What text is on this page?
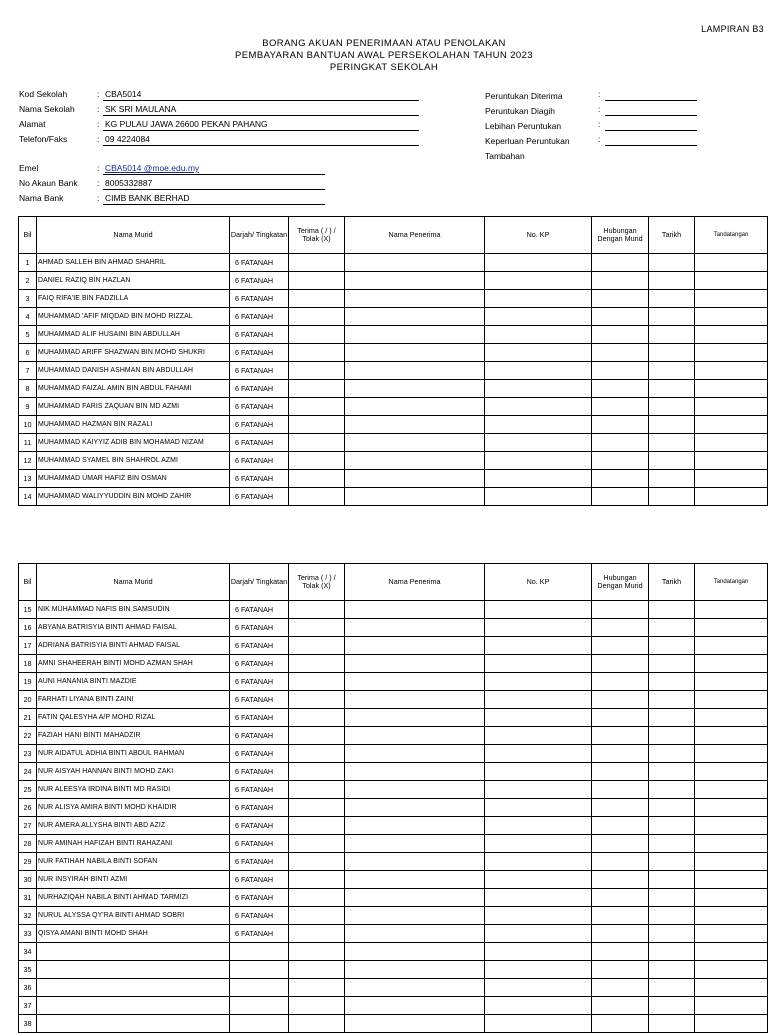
LAMPIRAN B3
BORANG AKUAN PENERIMAAN ATAU PENOLAKAN
PEMBAYARAN BANTUAN AWAL PERSEKOLAHAN TAHUN 2023
PERINGKAT SEKOLAH
Kod Sekolah	: CBA5014
Nama Sekolah	: SK SRI MAULANA
Alamat	: KG PULAU JAWA 26600 PEKAN PAHANG
Telefon/Faks	: 09 4224084
Emel	: CBA5014 @moe.edu.my
No Akaun Bank : 8005332887
Nama Bank	: CIMB BANK BERHAD
Peruntukan Diterima	:
Peruntukan Diagih	:
Lebihan Peruntukan	:
Keperluan Peruntukan	:
Tambahan
Bil	Nama Murid	Darjah/ Tingkatan	Terima ( / ) / Tolak (X)	Nama Penerima	No. KP	Hubungan Dengan Murid	Tarikh	Tandatangan
1	AHMAD SALLEH BIN AHMAD SHAHRIL	6 FATANAH						
2	DANIEL RAZIQ BIN HAZLAN	6 FATANAH						
3	FAIQ RIFA'IE BIN FADZILLA	6 FATANAH						
4	MUHAMMAD 'AFIF MIQDAD BIN MOHD RIZZAL	6 FATANAH						
5	MUHAMMAD ALIF HUSAINI BIN ABDULLAH	6 FATANAH						
6	MUHAMMAD ARIFF SHAZWAN BIN MOHD SHUKRI	6 FATANAH						
7	MUHAMMAD DANISH ASHMAN BIN ABDULLAH	6 FATANAH						
8	MUHAMMAD FAIZAL AMIN BIN ABDUL FAHAMI	6 FATANAH						
9	MUHAMMAD FARIS ZAQUAN BIN MD AZMI	6 FATANAH						
10	MUHAMMAD HAZMAN BIN RAZALI	6 FATANAH						
11	MUHAMMAD KAIYYIZ ADIB BIN MOHAMAD NIZAM	6 FATANAH						
12	MUHAMMAD SYAMEL BIN SHAHROL AZMI	6 FATANAH						
13	MUHAMMAD UMAR HAFIZ BIN OSMAN	6 FATANAH						
14	MUHAMMAD WALIYYUDDIN BIN MOHD ZAHIR	6 FATANAH						
Bil	Nama Murid	Darjah/ Tingkatan	Terima ( / ) / Tolak (X)	Nama Penerima	No. KP	Hubungan Dengan Murid	Tarikh	Tandatangan
15	NIK MUHAMMAD NAFIS BIN SAMSUDIN	6 FATANAH						
16	ABYANA BATRISYIA BINTI AHMAD FAISAL	6 FATANAH						
17	ADRIANA BATRISYIA BINTI AHMAD FAISAL	6 FATANAH						
18	AMNI SHAHEERAH BINTI MOHD AZMAN SHAH	6 FATANAH						
19	AUNI HANANIA BINTI MAZDIE	6 FATANAH						
20	FARHATI LIYANA BINTI ZAINI	6 FATANAH						
21	FATIN QALESYHA A/P MOHD RIZAL	6 FATANAH						
22	FAZIAH HANI BINTI MAHADZIR	6 FATANAH						
23	NUR AIDATUL ADHIA BINTI ABDUL RAHMAN	6 FATANAH						
24	NUR AISYAH HANNAN BINTI MOHD ZAKI	6 FATANAH						
25	NUR ALEESYA IRDINA BINTI MD RASIDI	6 FATANAH						
26	NUR ALISYA AMIRA BINTI MOHD KHAIDIR	6 FATANAH						
27	NUR AMERA ALLYSHA BINTI ABD AZIZ	6 FATANAH						
28	NUR AMINAH HAFIZAH BINTI RAHAZANI	6 FATANAH						
29	NUR FATIHAH NABILA BINTI SOFAN	6 FATANAH						
30	NUR INSYIRAH BINTI AZMI	6 FATANAH						
31	NURHAZIQAH NABILA BINTI AHMAD TARMIZI	6 FATANAH						
32	NURUL ALYSSA QY'RA BINTI AHMAD SOBRI	6 FATANAH						
33	QISYA AMANI BINTI MOHD SHAH	6 FATANAH						
34								
35								
36								
37								
38								
